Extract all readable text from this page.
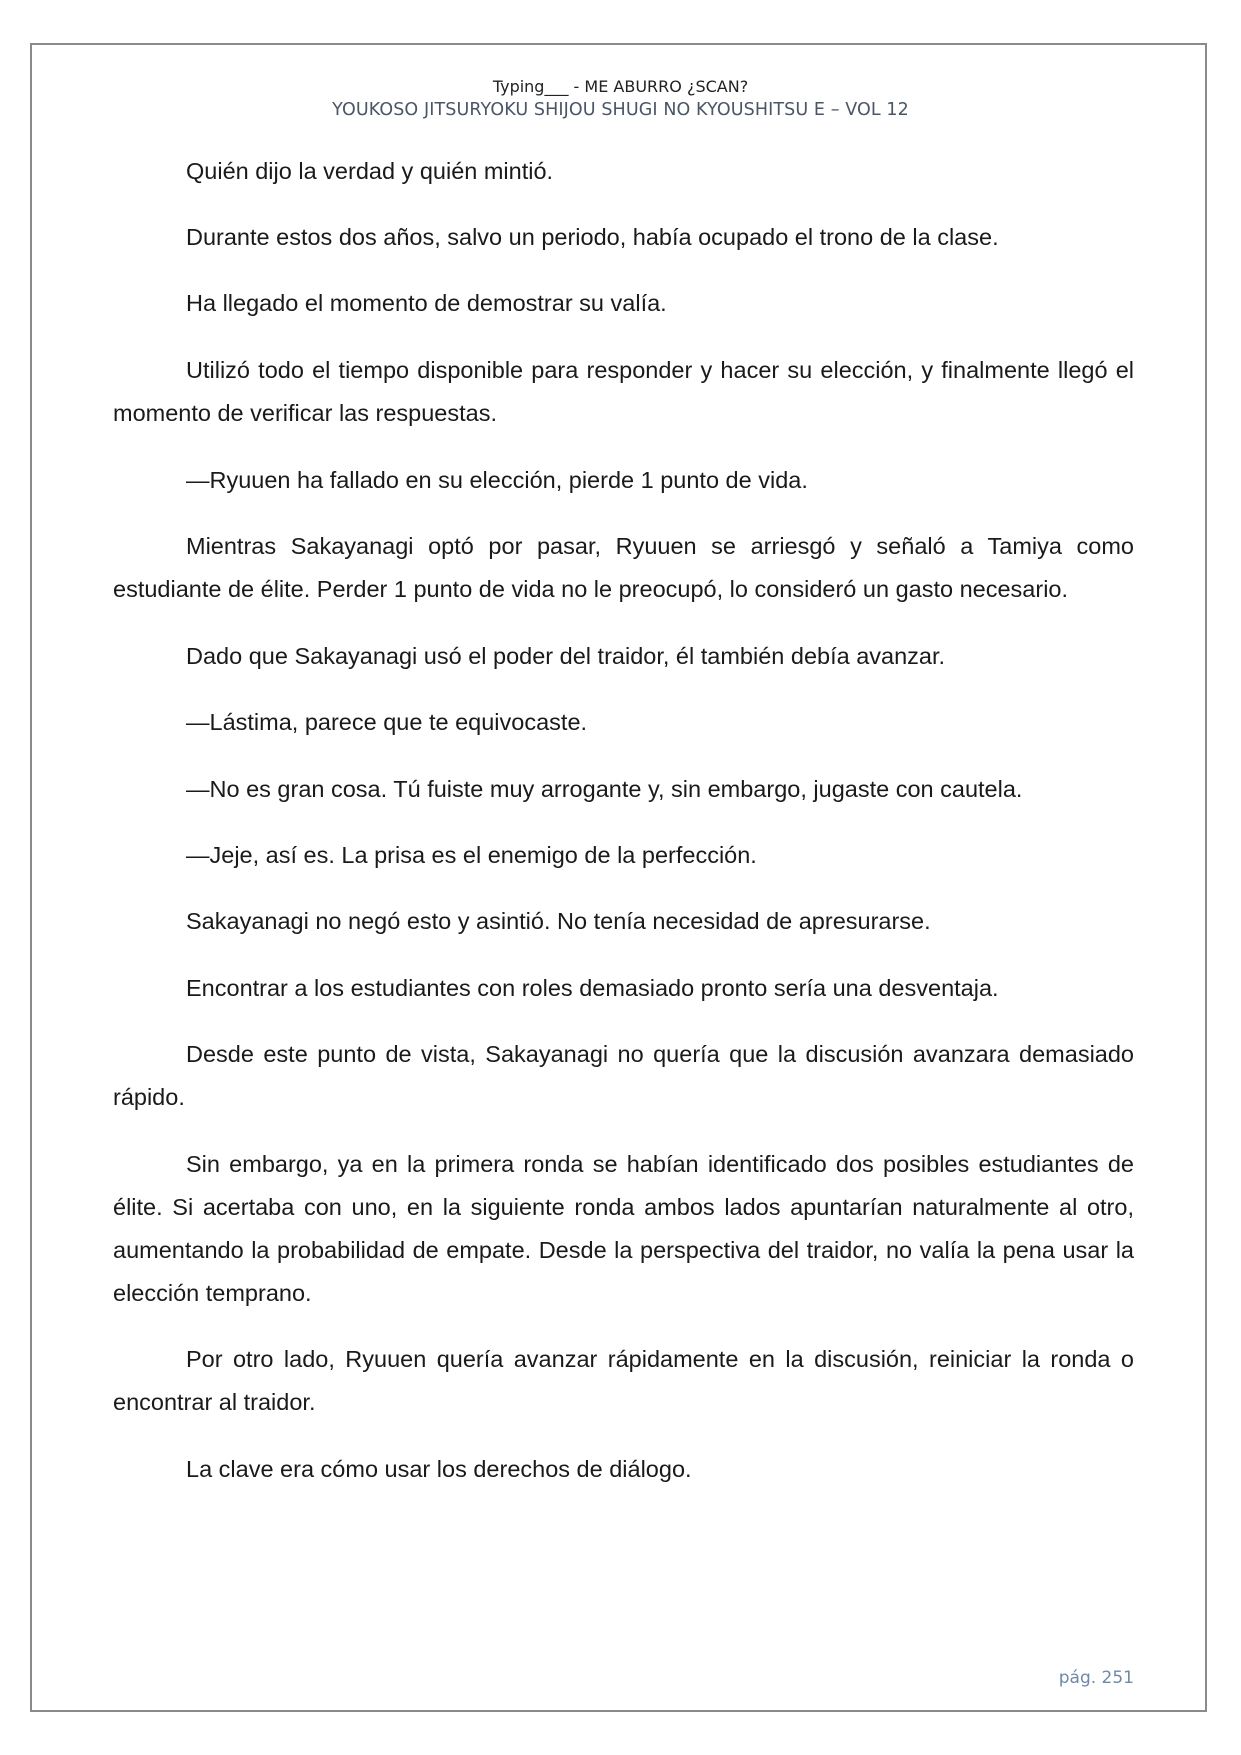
Typing___ - ME ABURRO ¿SCAN?
YOUKOSO JITSURYOKU SHIJOU SHUGI NO KYOUSHITSU E – VOL 12

Quién dijo la verdad y quién mintió.

Durante estos dos años, salvo un periodo, había ocupado el trono de la clase.

Ha llegado el momento de demostrar su valía.

Utilizó todo el tiempo disponible para responder y hacer su elección, y finalmente llegó el momento de verificar las respuestas.

—Ryuuen ha fallado en su elección, pierde 1 punto de vida.

Mientras Sakayanagi optó por pasar, Ryuuen se arriesgó y señaló a Tamiya como estudiante de élite. Perder 1 punto de vida no le preocupó, lo consideró un gasto necesario.

Dado que Sakayanagi usó el poder del traidor, él también debía avanzar.

—Lástima, parece que te equivocaste.

—No es gran cosa. Tú fuiste muy arrogante y, sin embargo, jugaste con cautela.

—Jeje, así es. La prisa es el enemigo de la perfección.

Sakayanagi no negó esto y asintió. No tenía necesidad de apresurarse.

Encontrar a los estudiantes con roles demasiado pronto sería una desventaja.

Desde este punto de vista, Sakayanagi no quería que la discusión avanzara demasiado rápido.

Sin embargo, ya en la primera ronda se habían identificado dos posibles estudiantes de élite. Si acertaba con uno, en la siguiente ronda ambos lados apuntarían naturalmente al otro, aumentando la probabilidad de empate. Desde la perspectiva del traidor, no valía la pena usar la elección temprano.

Por otro lado, Ryuuen quería avanzar rápidamente en la discusión, reiniciar la ronda o encontrar al traidor.

La clave era cómo usar los derechos de diálogo.

pág. 251
